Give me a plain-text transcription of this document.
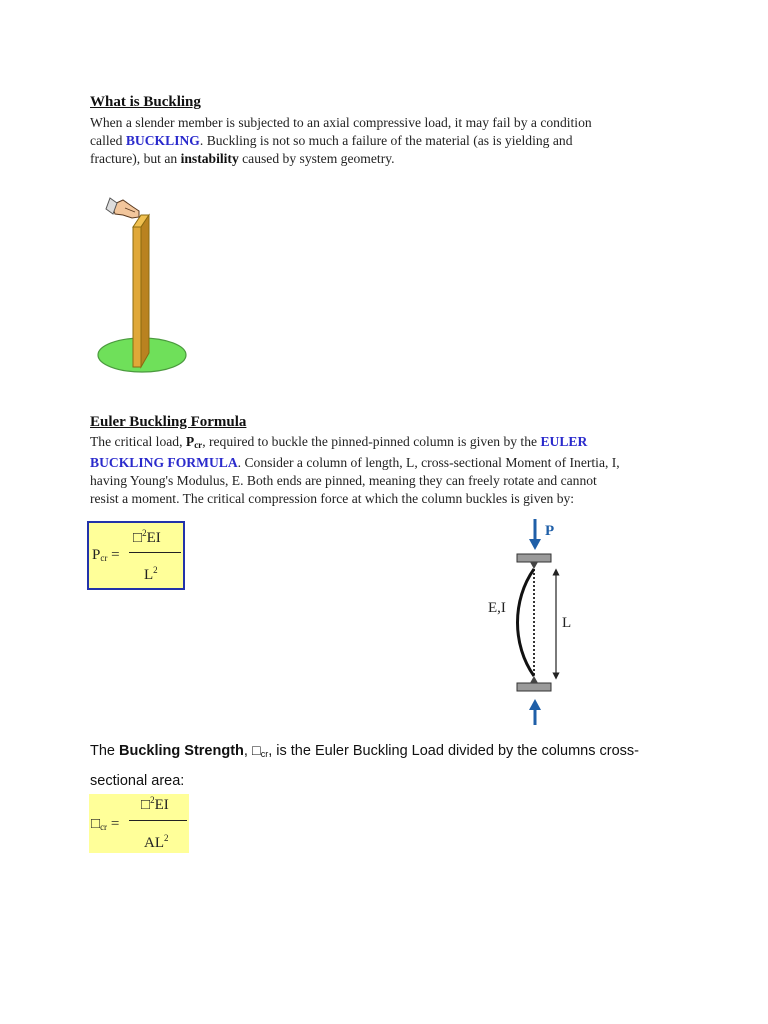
What is Buckling
When a slender member is subjected to an axial compressive load, it may fail by a condition
called BUCKLING. Buckling is not so much a failure of the material (as is yielding and
fracture), but an instability caused by system geometry.
Euler Buckling Formula
The critical load, $P_{cr}$, required to buckle the pinned-pinned column is given by the EULER
BUCKLING FORMULA. Consider a column of length, L, cross-sectional Moment of Inertia, I,
having Young's Modulus, E. Both ends are pinned, meaning they can freely rotate and cannot
resist a moment. The critical compression force at which the column buckles is given by:
$P_{cr}$ =
□$^2$EI
$L^2$
P
E,I
L
The Buckling Strength, $□_{cr}$, is the Euler Buckling Load divided by the columns cross-
sectional area:
$□_{cr}$ =
□$^2$EI
$AL^2$
